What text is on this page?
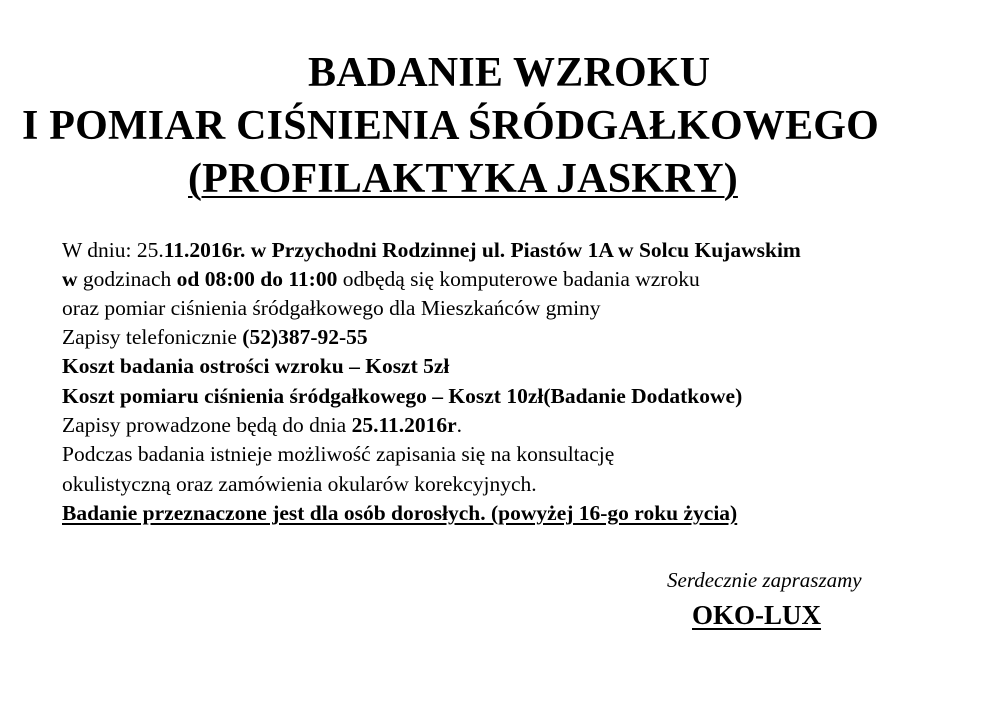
BADANIE WZROKU
I POMIAR CIŚNIENIA ŚRÓDGAŁKOWEGO
(PROFILAKTYKA JASKRY)
W dniu: 25.11.2016r. w Przychodni Rodzinnej ul. Piastów 1A w Solcu Kujawskim
w godzinach od 08:00 do 11:00 odbędą się komputerowe badania wzroku
oraz pomiar ciśnienia śródgałkowego dla Mieszkańców gminy
Zapisy telefonicznie (52)387-92-55
Koszt badania ostrości wzroku – Koszt 5zł
Koszt pomiaru ciśnienia śródgałkowego – Koszt 10zł(Badanie Dodatkowe)
Zapisy prowadzone będą do dnia 25.11.2016r.
Podczas badania istnieje możliwość zapisania się na konsultację
okulistyczną oraz zamówienia okularów korekcyjnych.
Badanie przeznaczone jest dla osób dorosłych. (powyżej 16-go roku życia)
Serdecznie zapraszamy
OKO-LUX
